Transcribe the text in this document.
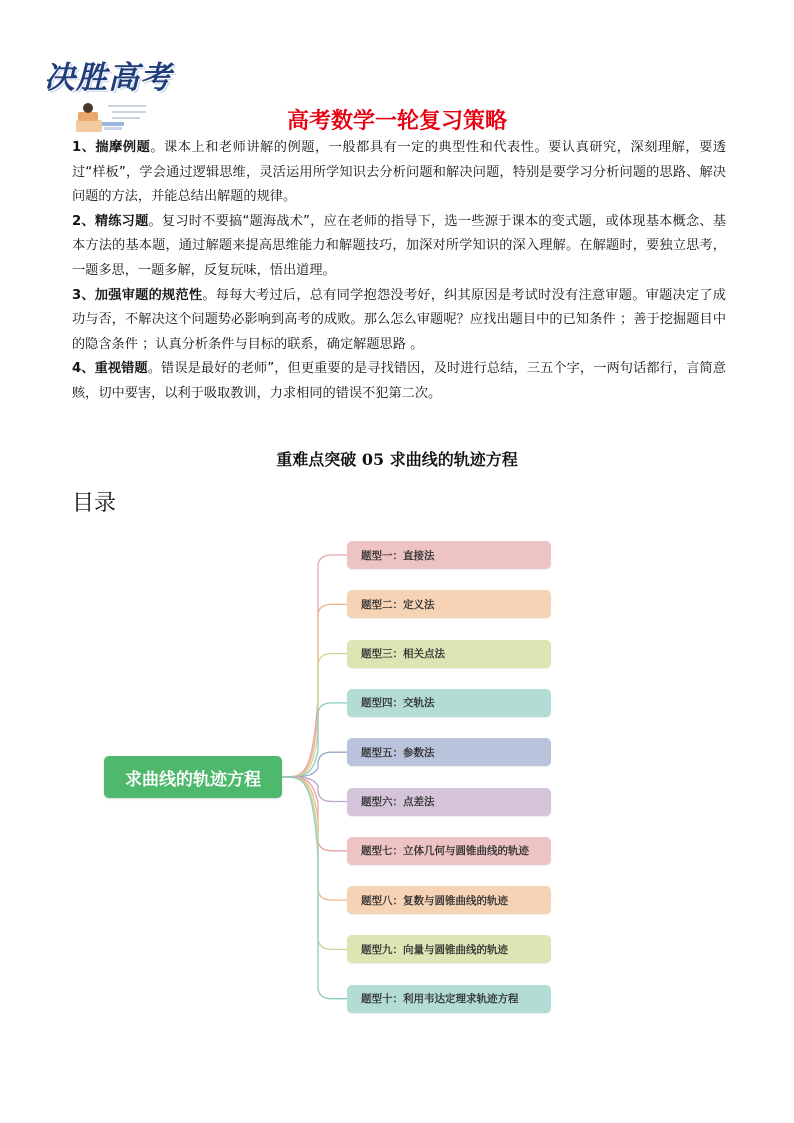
决胜高考
高考数学一轮复习策略

1、揣摩例题。课本上和老师讲解的例题，一般都具有一定的典型性和代表性。要认真研究，深刻理解，要透过“样板”，学会通过逻辑思维，灵活运用所学知识去分析问题和解决问题，特别是要学习分析问题的思路、解决问题的方法，并能总结出解题的规律。

2、精练习题。复习时不要搞“题海战术”，应在老师的指导下，选一些源于课本的变式题，或体现基本概念、基本方法的基本题，通过解题来提高思维能力和解题技巧，加深对所学知识的深入理解。在解题时，要独立思考，一题多思，一题多解，反复玩味，悟出道理。

3、加强审题的规范性。每每大考过后，总有同学抱怨没考好，纠其原因是考试时没有注意审题。审题决定了成功与否，不解决这个问题势必影响到高考的成败。那么怎么审题呢？应找出题目中的已知条件 ；善于挖掘题目中的隐含条件 ；认真分析条件与目标的联系，确定解题思路 。

4、重视错题。错误是最好的老师”，但更重要的是寻找错因，及时进行总结，三五个字，一两句话都行，言简意赅，切中要害，以利于吸取教训，力求相同的错误不犯第二次。

重难点突破 05 求曲线的轨迹方程
目录
求曲线的轨迹方程
题型一：直接法
题型二：定义法
题型三：相关点法
题型四：交轨法
题型五：参数法
题型六：点差法
题型七：立体几何与圆锥曲线的轨迹
题型八：复数与圆锥曲线的轨迹
题型九：向量与圆锥曲线的轨迹
题型十：利用韦达定理求轨迹方程
